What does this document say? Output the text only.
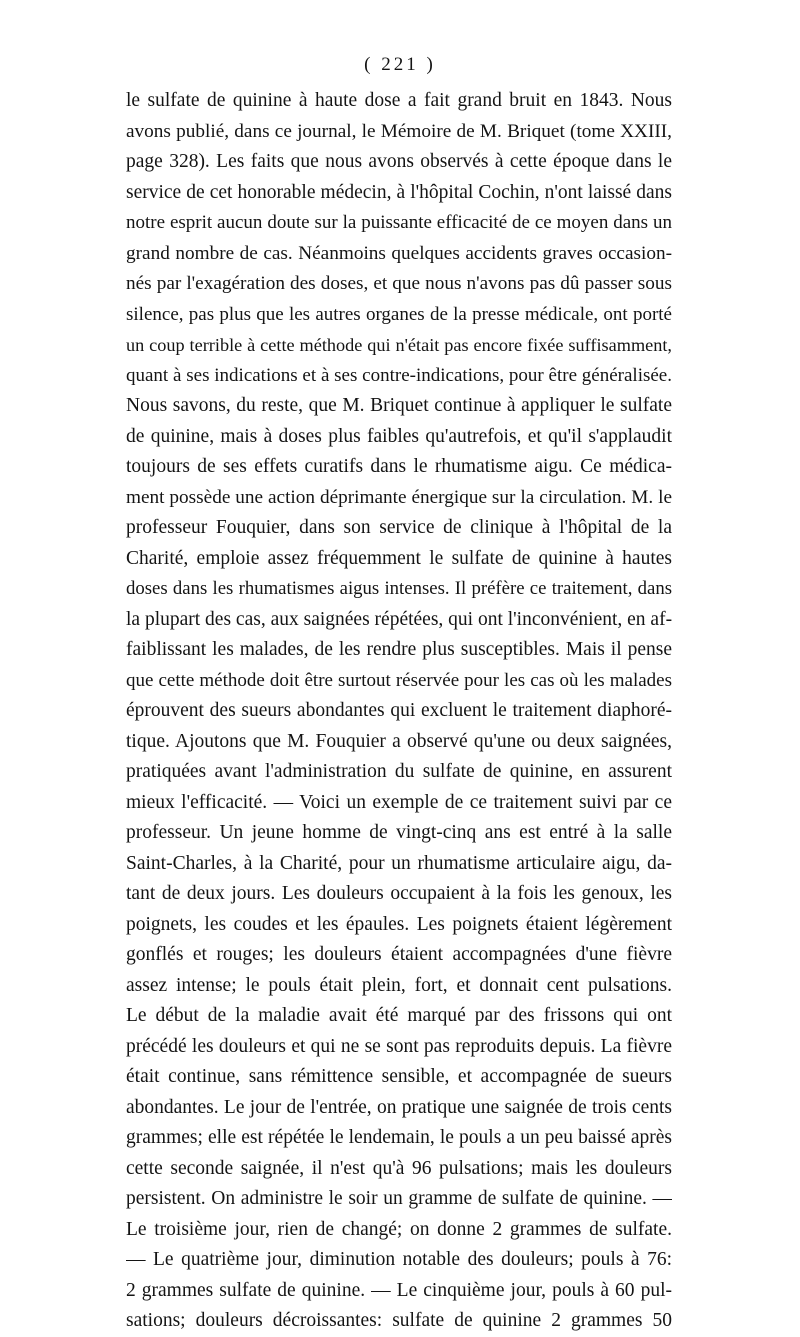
( 221 )
le sulfate de quinine à haute dose a fait grand bruit en 1843. Nous
avons publié, dans ce journal, le Mémoire de M. Briquet (tome XXIII,
page 328). Les faits que nous avons observés à cette époque dans le
service de cet honorable médecin, à l'hôpital Cochin, n'ont laissé dans
notre esprit aucun doute sur la puissante efficacité de ce moyen dans un
grand nombre de cas. Néanmoins quelques accidents graves occasion-
nés par l'exagération des doses, et que nous n'avons pas dû passer sous
silence, pas plus que les autres organes de la presse médicale, ont porté
un coup terrible à cette méthode qui n'était pas encore fixée suffisamment,
quant à ses indications et à ses contre-indications, pour être généralisée.
Nous savons, du reste, que M. Briquet continue à appliquer le sulfate
de quinine, mais à doses plus faibles qu'autrefois, et qu'il s'applaudit
toujours de ses effets curatifs dans le rhumatisme aigu. Ce médica-
ment possède une action déprimante énergique sur la circulation. M. le
professeur Fouquier, dans son service de clinique à l'hôpital de la
Charité, emploie assez fréquemment le sulfate de quinine à hautes
doses dans les rhumatismes aigus intenses. Il préfère ce traitement, dans
la plupart des cas, aux saignées répétées, qui ont l'inconvénient, en af-
faiblissant les malades, de les rendre plus susceptibles. Mais il pense
que cette méthode doit être surtout réservée pour les cas où les malades
éprouvent des sueurs abondantes qui excluent le traitement diaphoré-
tique. Ajoutons que M. Fouquier a observé qu'une ou deux saignées,
pratiquées avant l'administration du sulfate de quinine, en assurent
mieux l'efficacité. — Voici un exemple de ce traitement suivi par ce
professeur. Un jeune homme de vingt-cinq ans est entré à la salle
Saint-Charles, à la Charité, pour un rhumatisme articulaire aigu, da-
tant de deux jours. Les douleurs occupaient à la fois les genoux, les
poignets, les coudes et les épaules. Les poignets étaient légèrement
gonflés et rouges; les douleurs étaient accompagnées d'une fièvre
assez intense; le pouls était plein, fort, et donnait cent pulsations.
Le début de la maladie avait été marqué par des frissons qui ont
précédé les douleurs et qui ne se sont pas reproduits depuis. La fièvre
était continue, sans rémittence sensible, et accompagnée de sueurs
abondantes. Le jour de l'entrée, on pratique une saignée de trois cents
grammes; elle est répétée le lendemain, le pouls a un peu baissé après
cette seconde saignée, il n'est qu'à 96 pulsations; mais les douleurs
persistent. On administre le soir un gramme de sulfate de quinine. —
Le troisième jour, rien de changé; on donne 2 grammes de sulfate.
— Le quatrième jour, diminution notable des douleurs; pouls à 76:
2 grammes sulfate de quinine. — Le cinquième jour, pouls à 60 pul-
sations; douleurs décroissantes: sulfate de quinine 2 grammes 50
